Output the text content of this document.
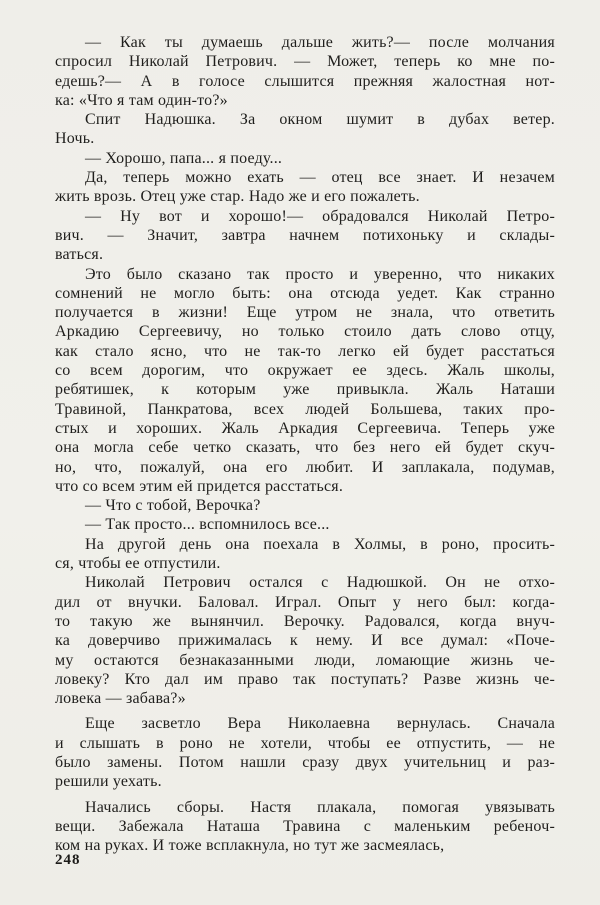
— Как ты думаешь дальше жить?— после молчания
спросил Николай Петрович. — Может, теперь ко мне по-
едешь?— А в голосе слышится прежняя жалостная нот-
ка: «Что я там один-то?»
Спит Надюшка. За окном шумит в дубах ветер.
Ночь.
— Хорошо, папа... я поеду...
Да, теперь можно ехать — отец все знает. И незачем
жить врозь. Отец уже стар. Надо же и его пожалеть.
— Ну вот и хорошо!— обрадовался Николай Петро-
вич. — Значит, завтра начнем потихоньку и склады-
ваться.
Это было сказано так просто и уверенно, что никаких
сомнений не могло быть: она отсюда уедет. Как странно
получается в жизни! Еще утром не знала, что ответить
Аркадию Сергеевичу, но только стоило дать слово отцу,
как стало ясно, что не так-то легко ей будет расстаться
со всем дорогим, что окружает ее здесь. Жаль школы,
ребятишек, к которым уже привыкла. Жаль Наташи
Травиной, Панкратова, всех людей Большева, таких про-
стых и хороших. Жаль Аркадия Сергеевича. Теперь уже
она могла себе четко сказать, что без него ей будет скуч-
но, что, пожалуй, она его любит. И заплакала, подумав,
что со всем этим ей придется расстаться.
— Что с тобой, Верочка?
— Так просто... вспомнилось все...
На другой день она поехала в Холмы, в роно, просить-
ся, чтобы ее отпустили.
Николай Петрович остался с Надюшкой. Он не отхо-
дил от внучки. Баловал. Играл. Опыт у него был: когда-
то такую же вынянчил. Верочку. Радовался, когда внуч-
ка доверчиво прижималась к нему. И все думал: «Поче-
му остаются безнаказанными люди, ломающие жизнь че-
ловеку? Кто дал им право так поступать? Разве жизнь че-
ловека — забава?»
Еще засветло Вера Николаевна вернулась. Сначала
и слышать в роно не хотели, чтобы ее отпустить, — не
было замены. Потом нашли сразу двух учительниц и раз-
решили уехать.
Начались сборы. Настя плакала, помогая увязывать
вещи. Забежала Наташа Травина с маленьким ребеноч-
ком на руках. И тоже всплакнула, но тут же засмеялась,
248
